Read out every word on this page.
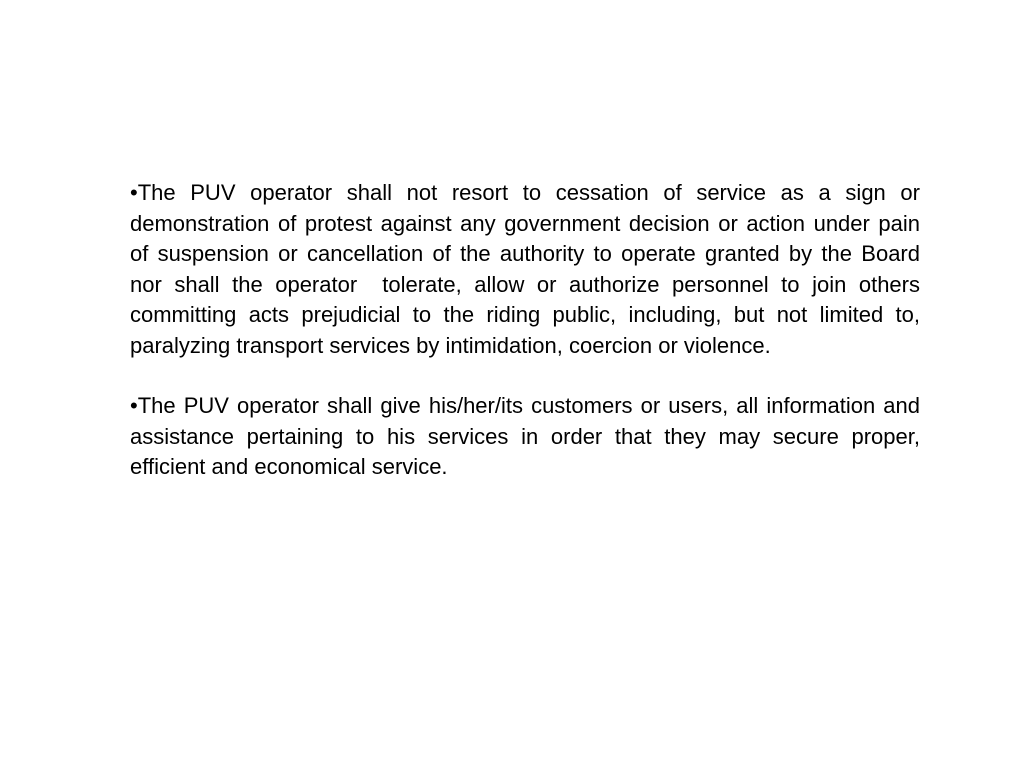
•The PUV operator shall not resort to cessation of service as a sign or demonstration of protest against any government decision or action under pain of suspension or cancellation of the authority to operate granted by the Board nor shall the operator  tolerate, allow or authorize personnel to join others committing acts prejudicial to the riding public, including, but not limited to, paralyzing transport services by intimidation, coercion or violence.

•The PUV operator shall give his/her/its customers or users, all information and assistance pertaining to his services in order that they may secure proper, efficient and economical service.
